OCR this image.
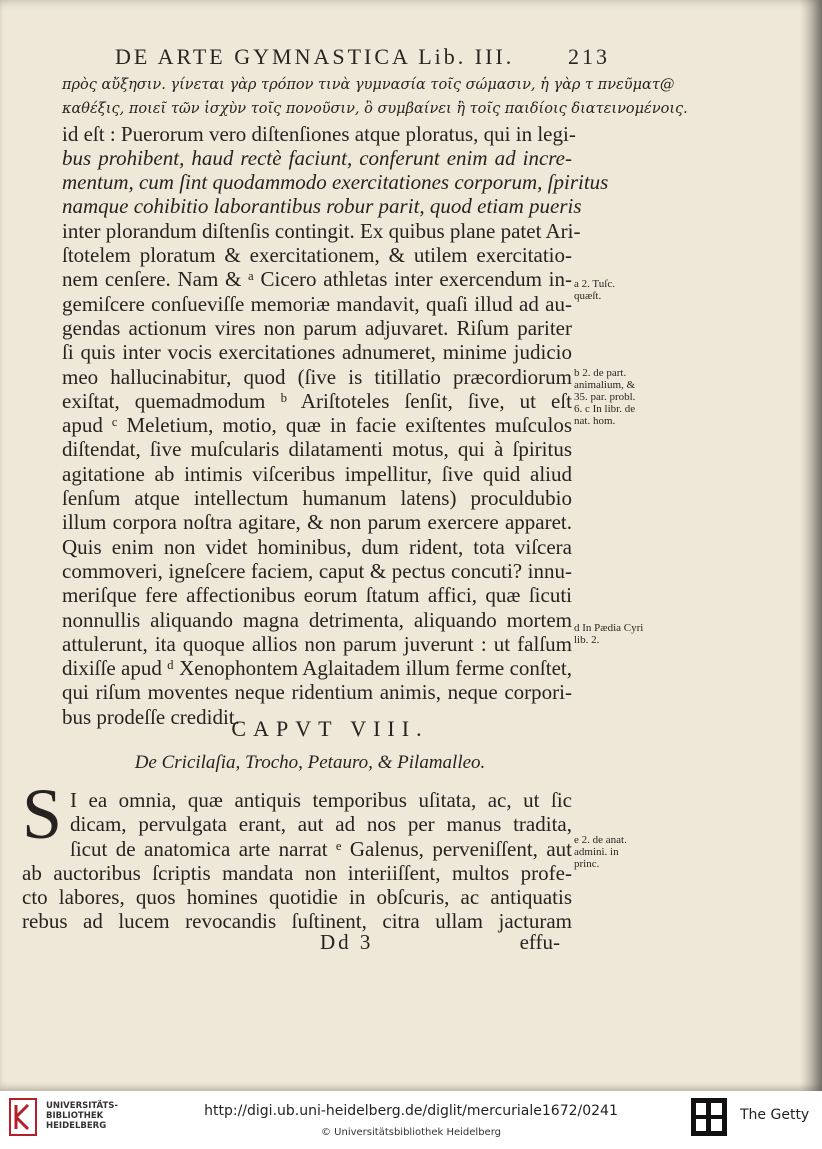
DE ARTE GYMNASTICA Lib. III. 213
πρὸς αὔξησιν. γίνεται γὰρ τρόπον τινὰ γυμνασία τοῖς σώμασιν, ἡ γὰρ τ πνεῦματ@
καθέξις, ποιεῖ τῶν ἰσχὺν τοῖς πονοῦσιν, ὃ συμβαίνει ἢ τοῖς παιδίοις διατεινομένοις.
id eſt : Puerorum vero diſtenſiones atque ploratus, qui in legi-
bus prohibent, haud rectè faciunt, conferunt enim ad incre-
mentum, cum ſint quodammodo exercitationes corporum, ſpiritus
namque cohibitio laborantibus robur parit, quod etiam pueris
inter plorandum diſtenſis contingit. Ex quibus plane patet Ari-
ſtotelem ploratum & exercitationem, & utilem exercitatio-
nem cenſere. Nam & ᵃ Cicero athletas inter exercendum in-
gemiſcere conſueviſſe memoriæ mandavit, quaſi illud ad au-
gendas actionum vires non parum adjuvaret. Riſum pariter
ſi quis inter vocis exercitationes adnumeret, minime judicio
meo hallucinabitur, quod (ſive is titillatio præcordiorum
exiſtat, quemadmodum ᵇ Ariſtoteles ſenſit, ſive, ut eſt
apud ᶜ Meletium, motio, quæ in facie exiſtentes muſculos
diſtendat, ſive muſcularis dilatamenti motus, qui à ſpiritus
agitatione ab intimis viſceribus impellitur, ſive quid aliud
ſenſum atque intellectum humanum latens) proculdubio
illum corpora noſtra agitare, & non parum exercere apparet.
Quis enim non videt hominibus, dum rident, tota viſcera
commoveri, igneſcere faciem, caput & pectus concuti? innu-
meriſque fere affectionibus eorum ſtatum affici, quæ ſicuti
nonnullis aliquando magna detrimenta, aliquando mortem
attulerunt, ita quoque allios non parum juverunt : ut falſum
dixiſſe apud ᵈ Xenophontem Aglaitadem illum ferme conſtet,
qui riſum moventes neque ridentium animis, neque corpori-
bus prodeſſe credidit.
a 2. Tuſc. quæſt.
b 2. de part. animalium, & 35. par. probl. 6. c In libr. de nat. hom.
d In Pædia Cyri lib. 2.
e 2. de anat. admini. in princ.
CAPVT VIII.
De Cricilaſia, Trocho, Petauro, & Pilamalleo.
S I ea omnia, quæ antiquis temporibus uſitata, ac, ut ſic
dicam, pervulgata erant, aut ad nos per manus tradita,
ſicut de anatomica arte narrat ᵉ Galenus, perveniſſent, aut
ab auctoribus ſcriptis mandata non interiiſſent, multos profe-
cto labores, quos homines quotidie in obſcuris, ac antiquatis
rebus ad lucem revocandis ſuſtinent, citra ullam jacturam
Dd 3	effu-
UNIVERSITÄTS-
BIBLIOTHEK
HEIDELBERG
http://digi.ub.uni-heidelberg.de/diglit/mercuriale1672/0241
© Universitätsbibliothek Heidelberg
The Getty
